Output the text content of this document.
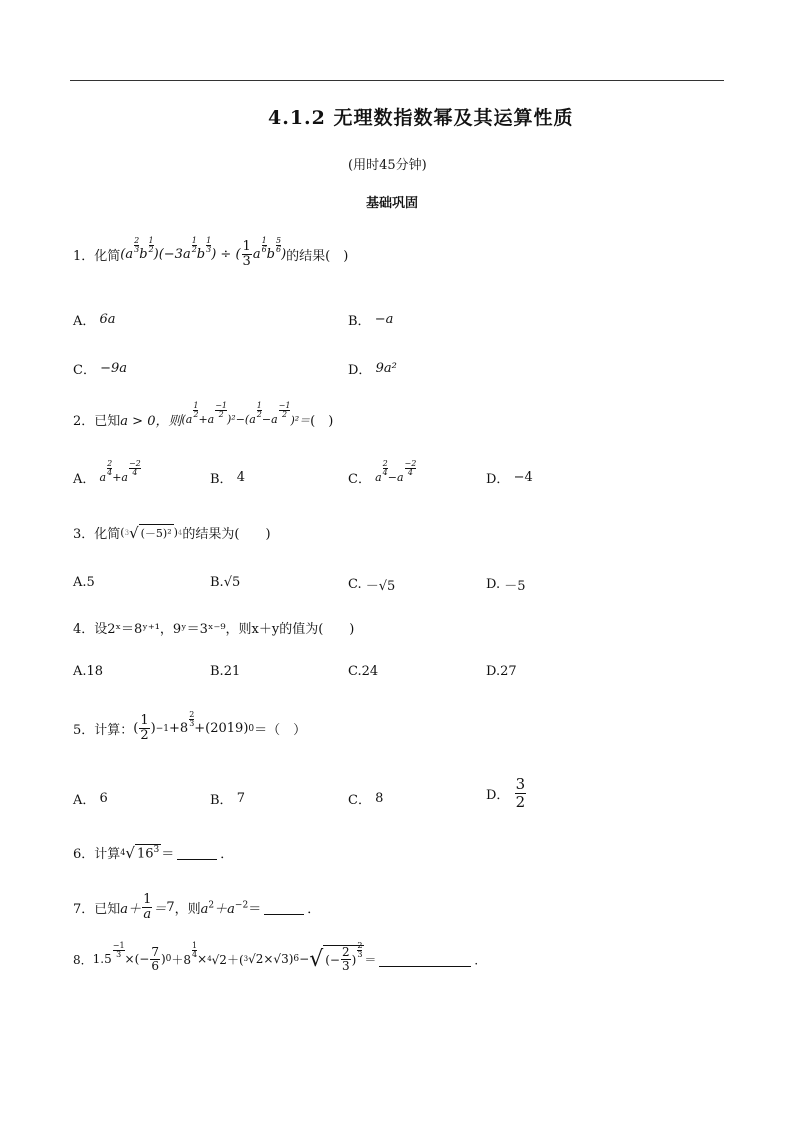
4.1.2 无理数指数幂及其运算性质
(用时45分钟)
基础巩固
1． 化简 (a
2
3 b
1
2 )(−3a
1
2 b
1
3 ) ÷ ( $\frac{1}{3}$ a
1
6 b
5
6 ) 的结果(　)
A．
6a	B．
−a
C．
−9a	D．
9a²
2． 已知 a > 0，则 (a
1
2 +a
−1
2 )²−(a
1
2 −a
−1
2 )²＝ (　)
A．
a
2
4 +a
−2
4	B．
4	C．
a
2
4 −a
−2
4	D．
−4
3． 化简 ( 3 √ (－5)² ) 4 的结果为(　　)
A. 5	B. √5	C.
－√5	D.
－5
4． 设2ˣ＝8ʸ⁺¹，9ʸ＝3ˣ⁻⁹，则x＋y的值为(　　)
A. 18	B. 21	C. 24	D. 27
5． 计算： ( $\frac{1}{2}$ ) −1 +8
2
$3 +(2019)_0$ ＝（　）
A．
6	B．
7	C．
8	D．
$\frac{3}{2}$
6． 计算 4 √ $16^3$ ＝	．
7． 已知 $a+ \frac{1}{a} = 7$ ，则 $a^2+a^{-2}=$	．
8． 1.5
−1
3 ×(− $\frac{7}{6}$ ) 0 ＋8
1
$4 \times_4$ √2＋( 3 √2×√3) 6 − √ (− $\frac{2}{3}$ )
2
3 ＝	．
